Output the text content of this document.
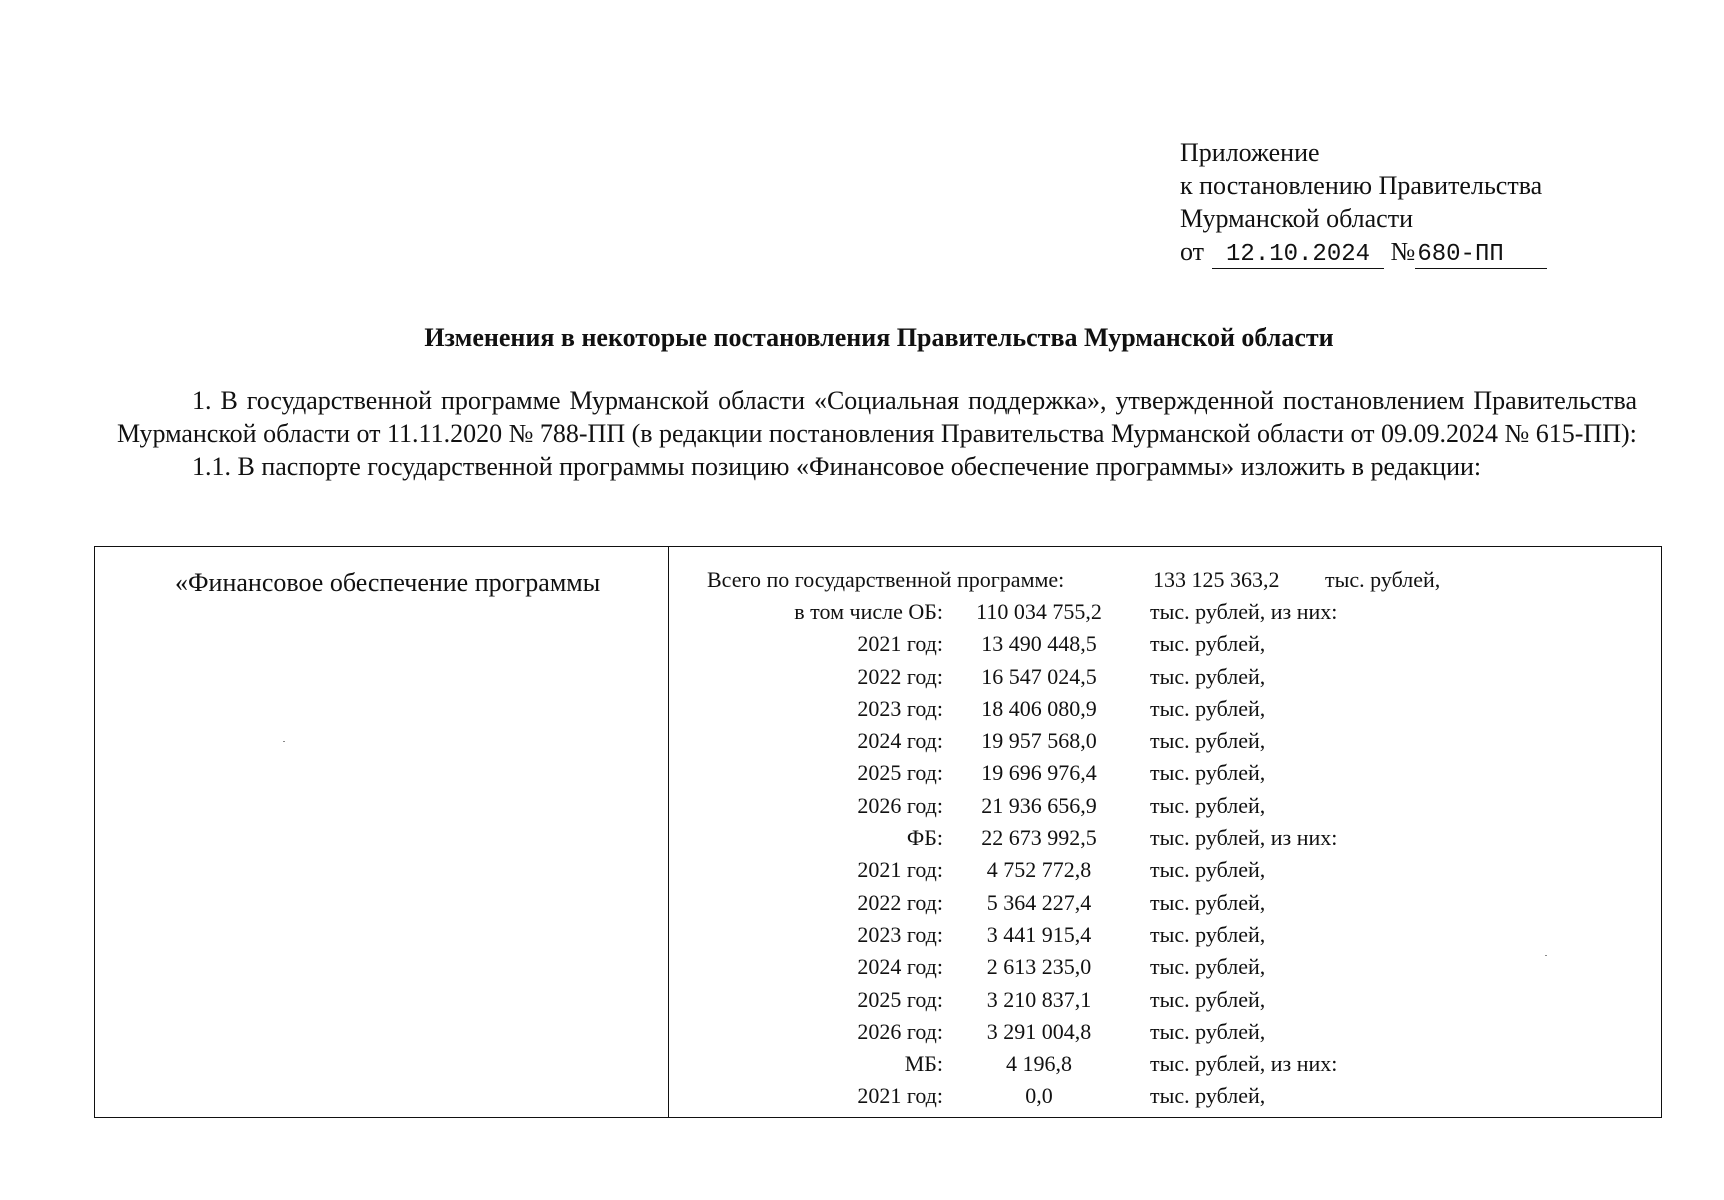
Приложение
к постановлению Правительства
Мурманской области
от 12.10.2024 №680-ПП
Изменения в некоторые постановления Правительства Мурманской области

1. В государственной программе Мурманской области «Социальная поддержка», утвержденной постановлением Правительства Мурманской области от 11.11.2020 № 788-ПП (в редакции постановления Правительства Мурманской области от 09.09.2024 № 615-ПП):

1.1. В паспорте государственной программы позицию «Финансовое обеспечение программы» изложить в редакции:

«Финансовое обеспечение программы	Всего по государственной программе:	133 125 363,2 тыс. рублей,
в том числе ОБ:	110 034 755,2	тыс. рублей, из них:
2021 год:	13 490 448,5	тыс. рублей,
2022 год:	16 547 024,5	тыс. рублей,
2023 год:	18 406 080,9	тыс. рублей,
2024 год:	19 957 568,0	тыс. рублей,
2025 год:	19 696 976,4	тыс. рублей,
2026 год:	21 936 656,9	тыс. рублей,
ФБ:	22 673 992,5	тыс. рублей, из них:
2021 год:	4 752 772,8	тыс. рублей,
2022 год:	5 364 227,4	тыс. рублей,
2023 год:	3 441 915,4	тыс. рублей,
2024 год:	2 613 235,0	тыс. рублей,
2025 год:	3 210 837,1	тыс. рублей,
2026 год:	3 291 004,8	тыс. рублей,
МБ:	4 196,8	тыс. рублей, из них:
2021 год:	0,0	тыс. рублей,
